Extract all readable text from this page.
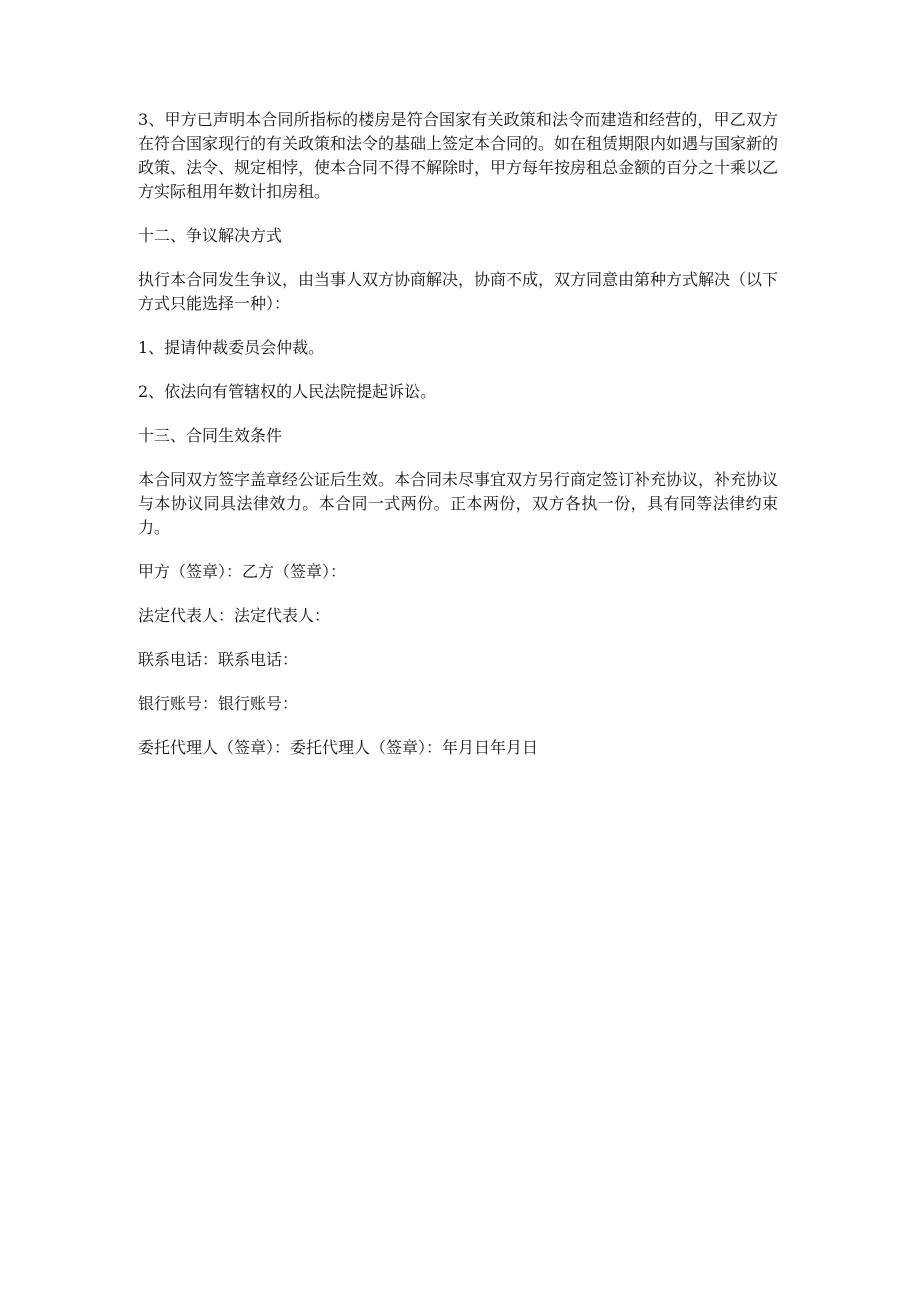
3、甲方已声明本合同所指标的楼房是符合国家有关政策和法令而建造和经营的，甲乙双方在符合国家现行的有关政策和法令的基础上签定本合同的。如在租赁期限内如遇与国家新的政策、法令、规定相悖，使本合同不得不解除时，甲方每年按房租总金额的百分之十乘以乙方实际租用年数计扣房租。

十二、争议解决方式

执行本合同发生争议，由当事人双方协商解决，协商不成，双方同意由第种方式解决（以下方式只能选择一种）：

1、提请仲裁委员会仲裁。

2、依法向有管辖权的人民法院提起诉讼。

十三、合同生效条件

本合同双方签字盖章经公证后生效。本合同未尽事宜双方另行商定签订补充协议，补充协议与本协议同具法律效力。本合同一式两份。正本两份，双方各执一份，具有同等法律约束力。

甲方（签章）：乙方（签章）：

法定代表人：法定代表人：

联系电话：联系电话：

银行账号：银行账号：

委托代理人（签章）：委托代理人（签章）：年月日年月日
